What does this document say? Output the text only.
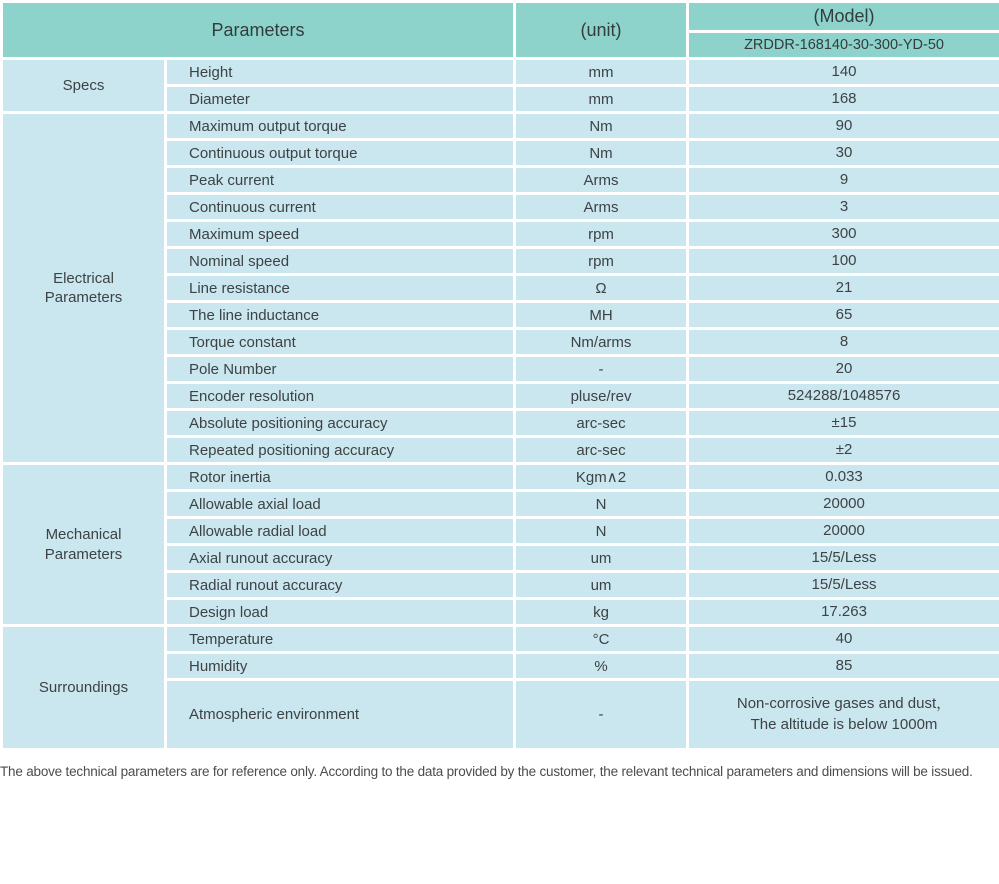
Parameters		(unit)	(Model)
			ZRDDR-168140-30-300-YD-50
Specs	Height	mm	140
	Diameter	mm	168
Electrical Parameters	Maximum output torque	Nm	90
	Continuous output torque	Nm	30
	Peak current	Arms	9
	Continuous current	Arms	3
	Maximum speed	rpm	300
	Nominal speed	rpm	100
	Line resistance	Ω	21
	The line inductance	MH	65
	Torque constant	Nm/arms	8
	Pole Number	-	20
	Encoder resolution	pluse/rev	524288/1048576
	Absolute positioning accuracy	arc-sec	±15
	Repeated positioning accuracy	arc-sec	±2
Mechanical Parameters	Rotor inertia	Kgm∧2	0.033
	Allowable axial load	N	20000
	Allowable radial load	N	20000
	Axial runout accuracy	um	15/5/Less
	Radial runout accuracy	um	15/5/Less
	Design load	kg	17.263
Surroundings	Temperature	°C	40
	Humidity	%	85
	Atmospheric environment	-	Non-corrosive gases and dust，
The altitude is below 1000m
The above technical parameters are for reference only. According to the data provided by the customer, the relevant technical parameters and dimensions will be issued.
